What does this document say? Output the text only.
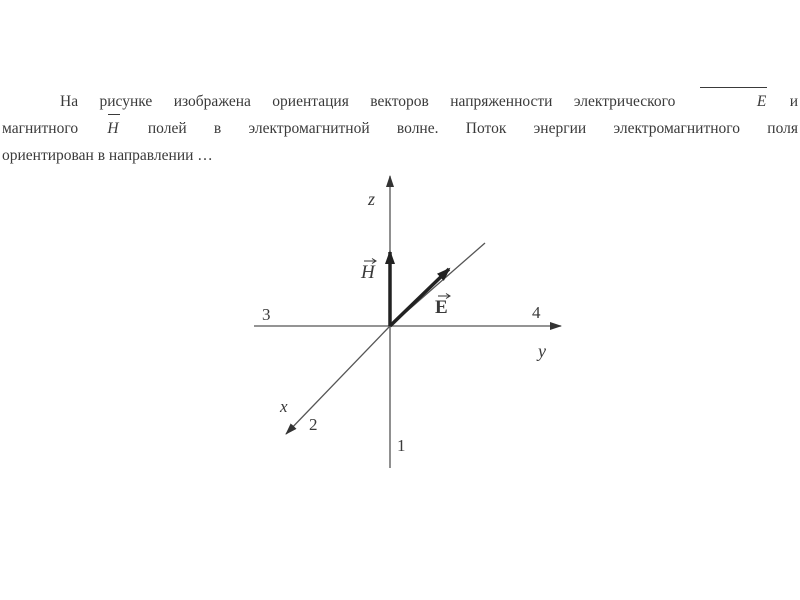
На рисунке изображена ориентация векторов напряженности электрического	E и
магнитного H полей в электромагнитной волне. Поток энергии электромагнитного поля
ориентирован в направлении …
z
y
x
H
E
3	4
2
1
